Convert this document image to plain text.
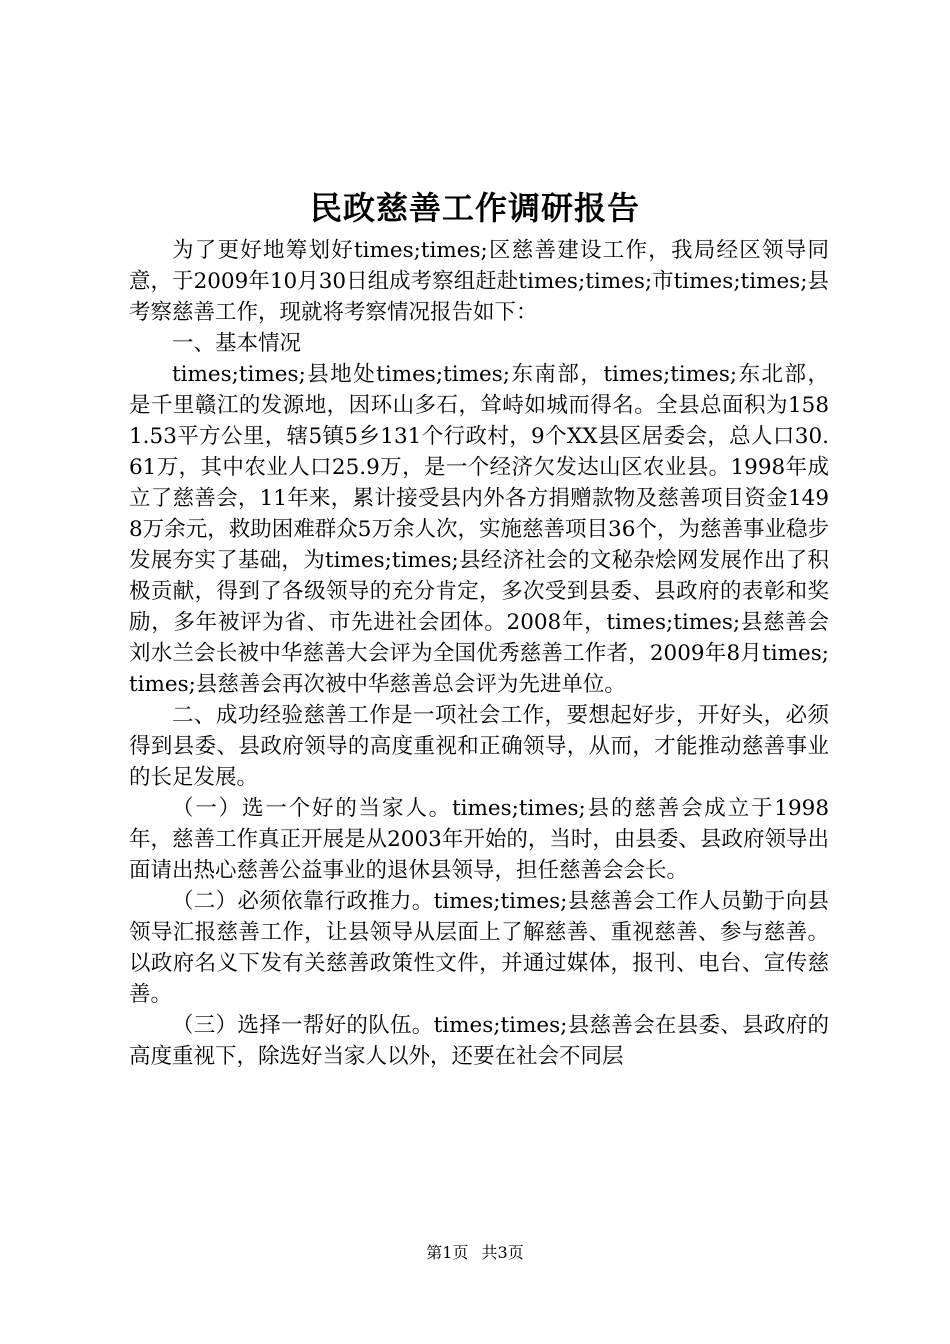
民政慈善工作调研报告

为了更好地筹划好times;times;区慈善建设工作，我局经区领导同意，于2009年10月30日组成考察组赶赴times;times;市times;times;县考察慈善工作，现就将考察情况报告如下：

一、基本情况

times;times;县地处times;times;东南部，times;times;东北部，是千里赣江的发源地，因环山多石，耸峙如城而得名。全县总面积为1581.53平方公里，辖5镇5乡131个行政村，9个XX县区居委会，总人口30.61万，其中农业人口25.9万，是一个经济欠发达山区农业县。1998年成立了慈善会，11年来，累计接受县内外各方捐赠款物及慈善项目资金1498万余元，救助困难群众5万余人次，实施慈善项目36个，为慈善事业稳步发展夯实了基础，为times;times;县经济社会的文秘杂烩网发展作出了积极贡献，得到了各级领导的充分肯定，多次受到县委、县政府的表彰和奖励，多年被评为省、市先进社会团体。2008年，times;times;县慈善会刘水兰会长被中华慈善大会评为全国优秀慈善工作者，2009年8月times;times;县慈善会再次被中华慈善总会评为先进单位。

二、成功经验慈善工作是一项社会工作，要想起好步，开好头，必须得到县委、县政府领导的高度重视和正确领导，从而，才能推动慈善事业的长足发展。

（一）选一个好的当家人。times;times;县的慈善会成立于1998年，慈善工作真正开展是从2003年开始的，当时，由县委、县政府领导出面请出热心慈善公益事业的退休县领导，担任慈善会会长。

（二）必须依靠行政推力。times;times;县慈善会工作人员勤于向县领导汇报慈善工作，让县领导从层面上了解慈善、重视慈善、参与慈善。以政府名义下发有关慈善政策性文件，并通过媒体，报刊、电台、宣传慈善。

（三）选择一帮好的队伍。times;times;县慈善会在县委、县政府的高度重视下，除选好当家人以外，还要在社会不同层

第1页 共3页
